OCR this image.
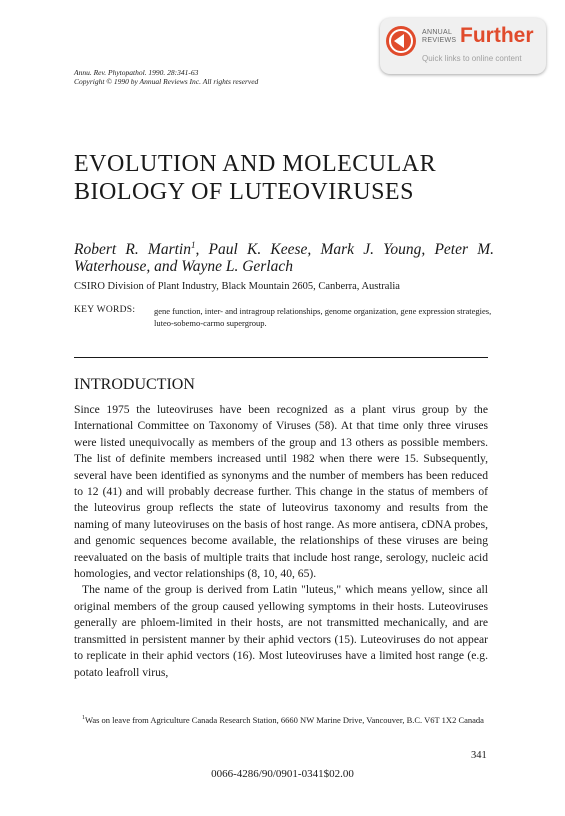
ANNUAL
REVIEWS Further
Quick links to online content
Annu. Rev. Phytopathol. 1990. 28:341-63
Copyright © 1990 by Annual Reviews Inc. All rights reserved
EVOLUTION AND MOLECULAR
BIOLOGY OF LUTEOVIRUSES
Robert R. Martin$^1$, Paul K. Keese, Mark J. Young, Peter M. Waterhouse, and Wayne L. Gerlach
CSIRO Division of Plant Industry, Black Mountain 2605, Canberra, Australia
KEY WORDS: gene function, inter- and intragroup relationships, genome organization, gene expression strategies, luteo-sobemo-carmo supergroup.
INTRODUCTION

Since 1975 the luteoviruses have been recognized as a plant virus group by the International Committee on Taxonomy of Viruses (58). At that time only three viruses were listed unequivocally as members of the group and 13 others as possible members. The list of definite members increased until 1982 when there were 15. Subsequently, several have been identified as synonyms and the number of members has been reduced to 12 (41) and will probably decrease further. This change in the status of members of the luteovirus group reflects the state of luteovirus taxonomy and results from the naming of many luteoviruses on the basis of host range. As more antisera, cDNA probes, and genomic sequences become available, the relationships of these viruses are being reevaluated on the basis of multiple traits that include host range, serology, nucleic acid homologies, and vector relationships (8, 10, 40, 65).

The name of the group is derived from Latin "luteus," which means yellow, since all original members of the group caused yellowing symptoms in their hosts. Luteoviruses generally are phloem-limited in their hosts, are not transmitted mechanically, and are transmitted in persistent manner by their aphid vectors (15). Luteoviruses do not appear to replicate in their aphid vectors (16). Most luteoviruses have a limited host range (e.g. potato leafroll virus,

$^1$Was on leave from Agriculture Canada Research Station, 6660 NW Marine Drive, Vancouver, B.C. V6T 1X2 Canada
341
0066-4286/90/0901-0341$02.00
